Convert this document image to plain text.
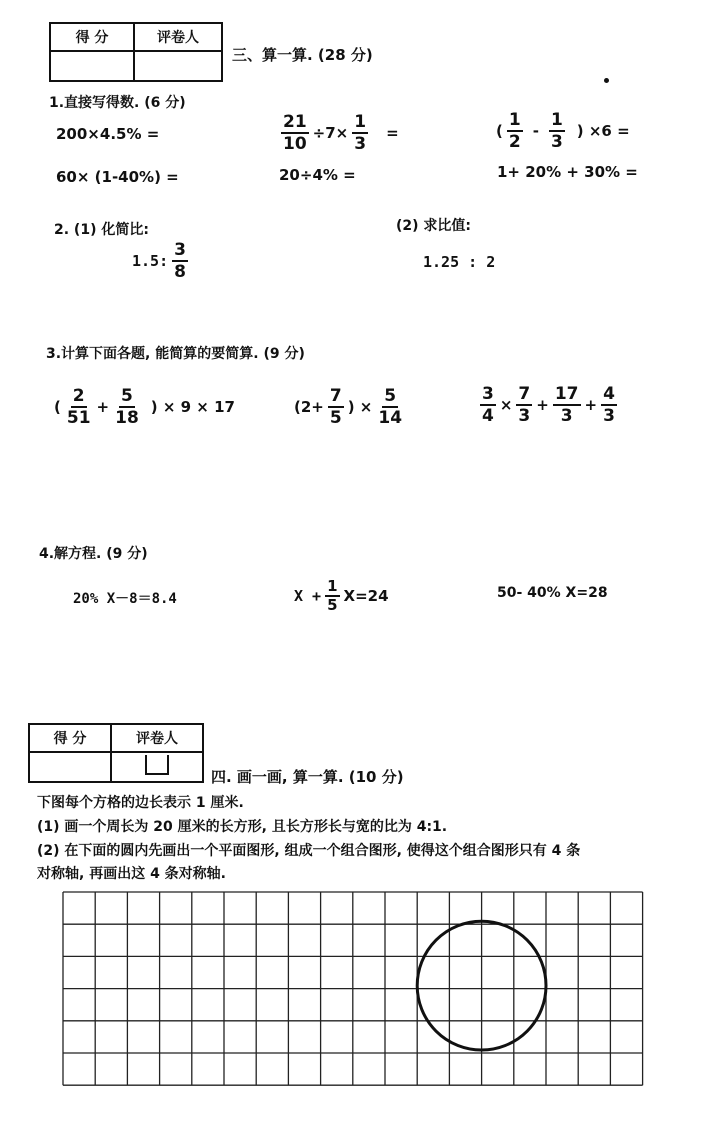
得 分	评卷人

三、算一算. (28 分)
1.直接写得数. (6 分)
200×4.5% =	$\frac{21}{10} \div 7\times \frac{1}{3}$ =	( $\frac{1}{2} - \frac{1}{3}$ ) ×6 =
60× (1-40%) =	20÷4% =	1+ 20% + 30% =
2. (1) 化简比:	(2) 求比值:
1.5: $\frac{3}{8}$	1.25 : 2
3.计算下面各题, 能简算的要简算. (9 分)
( $\frac{2}{51} + \frac{5}{18}$ ) × 9 × 17	($2+ \frac{7}{5}$ ) × $\frac{5}{14}$	$\frac{3}{4} \times \frac{7}{3} + \frac{17}{3} + \frac{4}{3}$
4.解方程. (9 分)
20% X－8＝8.4	$X + \frac{1}{5} X=24$	50- 40% X=28
得 分	评卷人

四. 画一画, 算一算. (10 分)
下图每个方格的边长表示 1 厘米.
(1) 画一个周长为 20 厘米的长方形, 且长方形长与宽的比为 4:1.
(2) 在下面的圆内先画出一个平面图形, 组成一个组合图形, 使得这个组合图形只有 4 条
对称轴, 再画出这 4 条对称轴.
